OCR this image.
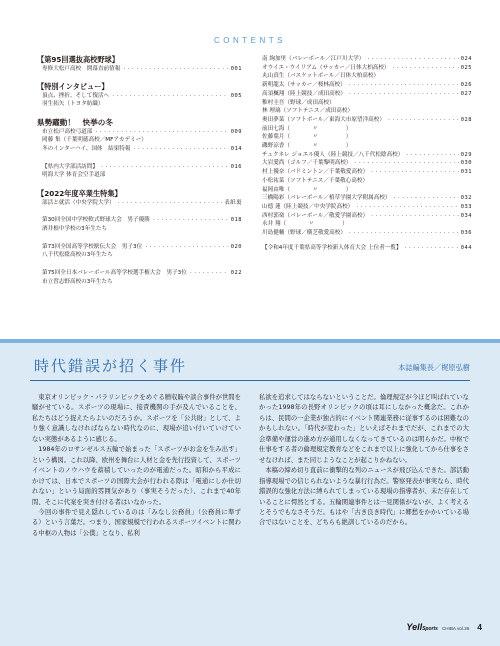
CONTENTS
【第95回選抜高校野球】
専修大松戸高校　開幕直前情報 ・・・・・・・・・・・・・・・・・・・・・・・・・・・・・・・・・・・・・・・・・・・・・・・・・・・・・・・・・・・・・・・・	001
【特別インタビュー】
頂点、挫折、そして復活へ ・・・・・・・・・・・・・・・・・・・・・・・・・・・・・・・・・・・・・・・・・・・・・・・・・・・・・・・・・・・・・・・・	005
羽生拓矢（トヨタ紡織）
県勢躍動！　快挙の冬
市立松戸高校弓道部 ・・・・・・・・・・・・・・・・・・・・・・・・・・・・・・・・・・・・・・・・・・・・・・・・・・・・・・・・・・・・・・・・	009
岡藤 集（千葉明徳高校／MFアカデミー）
冬のインターハイ、国体　結果特報 ・・・・・・・・・・・・・・・・・・・・・・・・・・・・・・・・・・・・・・・・・・・・・・・・・・・・・・・・・・・・・・・・	014
【県内大学部活訪問】 ・・・・・・・・・・・・・・・・・・・・・・・・・・・・・・・・・・・・・・・・・・・・・・・・・・・・・・・・・・・・・・・・	016
明海大学 体育会空手道部
【2022年度卒業生特集】
部活と就活（中央学院大学） ・・・・・・・・・・・・・・・・・・・・・・・・・・・・・・・・・・・・・・・・・・・・・・・・・・・・・・・・・・・・・・・・	表紙裏
第30回全国中学校軟式野球大会　男子優勝 ・・・・・・・・・・・・・・・・・・・・・・・・・・・・・・・・・・・・・・・・・・・・・・・・・・・・・・・・・・・・・・・・	018
酒井根中学校の3年生たち
第73回全国高等学校駅伝大会　男子3位 ・・・・・・・・・・・・・・・・・・・・・・・・・・・・・・・・・・・・・・・・・・・・・・・・・・・・・・・・・・・・・・・・	020
八千代松陰高校の3年生たち
第75回全日本バレーボール高等学校選手権大会　男子3位 ・・・・・・・・・・・・・・・・・・・・・・・・・・・・・・・・・・・・・・・・・・・・・・・・・・・・・・・・・・・・・・・・	022
市立習志野高校の3年生たち
南 絢加里（バレーボール／江戸川大学） ・・・・・・・・・・・・・・・・・・・・・・・・・・・・・・・・・・・・・・・・・・・・・・・・・・・・・・・・・・・・・・・・	024
オウイエ・ウイリアム（サッカー／日体大柏高校） ・・・・・・・・・・・・・・・・・・・・・・・・・・・・・・・・・・・・・・・・・・・・・・・・・・・・・・・・・・・・・・・・	025
丸山真生（バスケットボール／日体大柏高校）
新明龍太（サッカー／桜林高校） ・・・・・・・・・・・・・・・・・・・・・・・・・・・・・・・・・・・・・・・・・・・・・・・・・・・・・・・・・・・・・・・・	026
高須楓翔（陸上競技／成田高校） ・・・・・・・・・・・・・・・・・・・・・・・・・・・・・・・・・・・・・・・・・・・・・・・・・・・・・・・・・・・・・・・・	027
稚村圭吾（野球／成田高校）
林 理璃（ソフトテニス／成田高校）
奥田夢菜（ソフトボール／東海大市原望洋高校） ・・・・・・・・・・・・・・・・・・・・・・・・・・・・・・・・・・・・・・・・・・・・・・・・・・・・・・・・・・・・・・・・	028
前田七海（　　　　〃　　　　　）
佐藤葉月（　　　　〃　　　　　）
磯野涼香（　　　　〃　　　　　）
チュクネレ ジョエル優人（陸上競技／八千代松陰高校） ・・・・・・・・・・・・・・・・・・・・・・・・・・・・・・・・・・・・・・・・・・・・・・・・・・・・・・・・・・・・・・・・	029
大岩愛尚（ゴルフ／千葉黎明高校） ・・・・・・・・・・・・・・・・・・・・・・・・・・・・・・・・・・・・・・・・・・・・・・・・・・・・・・・・・・・・・・・・	030
村上優奈（バドミントン／千葉敬愛高校） ・・・・・・・・・・・・・・・・・・・・・・・・・・・・・・・・・・・・・・・・・・・・・・・・・・・・・・・・・・・・・・・・	031
小松祐菜（ソフトテニス／千葉敬心高校）
福岡由唯（　　　　〃　　　　　）
三橋陽彩（バレーボール／植草学園大学附属高校） ・・・・・・・・・・・・・・・・・・・・・・・・・・・・・・・・・・・・・・・・・・・・・・・・・・・・・・・・・・・・・・・・	032
山德 蓮（陸上競技／中央学院高校） ・・・・・・・・・・・・・・・・・・・・・・・・・・・・・・・・・・・・・・・・・・・・・・・・・・・・・・・・・・・・・・・・	033
西村郭楽（バレーボール／敬愛学園高校） ・・・・・・・・・・・・・・・・・・・・・・・・・・・・・・・・・・・・・・・・・・・・・・・・・・・・・・・・・・・・・・・・	034
永井 翔（　　　　〃　　　　　）
川島健輔（野球／横芝敬愛高校） ・・・・・・・・・・・・・・・・・・・・・・・・・・・・・・・・・・・・・・・・・・・・・・・・・・・・・・・・・・・・・・・・	036
【令和4年度千葉県高等学校新人体育大会 上位者一覧】 ・・・・・・・・・・・・・・・・・・・・・・・・・・・・・・・・・・・・・・・・・・・・・・・・・・・・・・・・・・・・・・・・	044
時代錯誤が招く事件	本誌編集長／梶原弘樹

東京オリンピック・パラリンピックをめぐる贈収賄や談合事件が世間を騒がせている。スポーツの現場に、接責機関の手が及んでいることを、私たちはどう捉えたらよいのだろうか。スポーツを「公共財」として、より強く意識しなければならない時代なのに、現場が追い付いていけていない実態があるように感じる。

1984年のロサンゼルス五輪で始まった「スポーツがお金を生み出す」という構図。これ以降、欧州を舞台に人材と金を先行投資して、スポーツイベントのノウハウを蓄積していったのが電通だった。昭和から平成にかけては、日本でスポーツの国際大会が行われる際は「電通にしか仕切れない」という局面的雰囲気があり（事実そうだった）、これまで40年間、そこに代案を突き付ける者はいなかった。

今回の事件で見え隠れしているのは「みなし公務員」（公務員に準ずる）という言葉だ。つまり、国家規模で行われるスポーツイベントに関わる中枢の人物は「公僕」となり、私利

私欲を追求してはならないということだ。倫理規定が今ほど叫ばれていなかった1998年の長野オリンピックの頃は耳にしなかった概念だ。これからは、民間の一企業が独占的にイベント関連業務に従事するのは困難なのかもしれない。「時代が変わった」といえばそれまでだが、これまでの大会準備や運営の進め方が通用しなくなってきているのは明らかだ。中枢で仕事をする者の倫理規定教育などをこれまで以上に強化してから仕事をさせなければ、また同じようなことが起こりかねない。

本稿の締め切り直前に衝撃的な列のニュースが飛び込んできた。部活動指導現場での信じられないような暴行行為だ。警察発表が事実なら、時代錯誤的な強化方法に縛られてしまっている現場の指導者が、未だ存在していることに愕然とする。五輪関連事件とは一見関係がないが、よく考えるとそうでもなさそうだ。もはや「古き良き時代」に郷愁をかかいている場合ではないことを、どちらも絶訓しているのだから。

YellSports CHIBA vol.39 4
